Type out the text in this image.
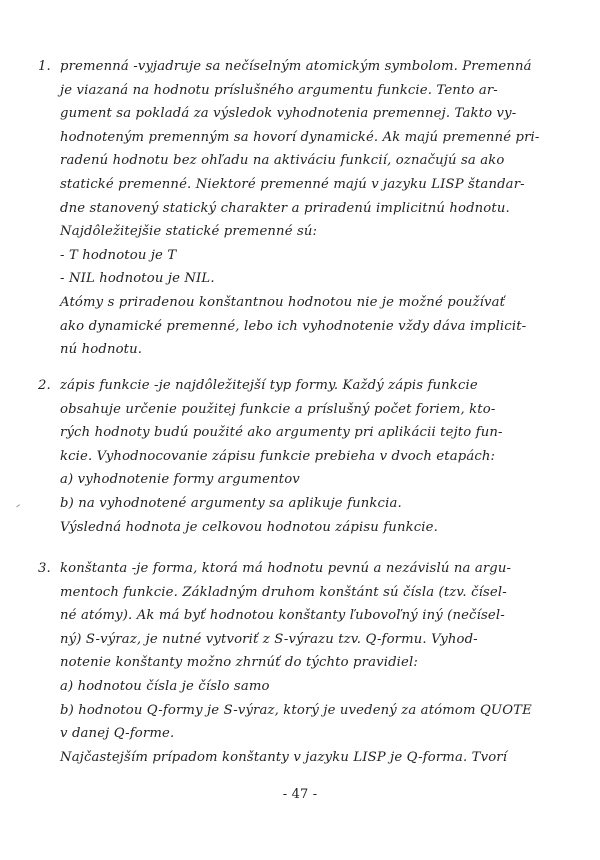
1. premenná -vyjadruje sa nečíselným atomickým symbolom. Premenná
je viazaná na hodnotu príslušného argumentu funkcie. Tento ar-
gument sa pokladá za výsledok vyhodnotenia premennej. Takto vy-
hodnoteným premenným sa hovorí dynamické. Ak majú premenné pri-
radenú hodnotu bez ohľadu na aktiváciu funkcií, označujú sa ako
statické premenné. Niektoré premenné majú v jazyku LISP štandar-
dne stanovený statický charakter a priradenú implicitnú hodnotu.
Najdôležitejšie statické premenné sú:
- T hodnotou je T
- NIL hodnotou je NIL.
Atómy s priradenou konštantnou hodnotou nie je možné používať
ako dynamické premenné, lebo ich vyhodnotenie vždy dáva implicit-
nú hodnotu.
2. zápis funkcie -je najdôležitejší typ formy. Každý zápis funkcie
obsahuje určenie použitej funkcie a príslušný počet foriem, kto-
rých hodnoty budú použité ako argumenty pri aplikácii tejto fun-
kcie. Vyhodnocovanie zápisu funkcie prebieha v dvoch etapách:
a) vyhodnotenie formy argumentov
b) na vyhodnotené argumenty sa aplikuje funkcia.
Výsledná hodnota je celkovou hodnotou zápisu funkcie.
3. konštanta -je forma, ktorá má hodnotu pevnú a nezávislú na argu-
mentoch funkcie. Základným druhom konštánt sú čísla (tzv. čísel-
né atómy). Ak má byť hodnotou konštanty ľubovoľný iný (nečísel-
ný) S-výraz, je nutné vytvoriť z S-výrazu tzv. Q-formu. Vyhod-
notenie konštanty možno zhrnúť do týchto pravidiel:
a) hodnotou čísla je číslo samo
b) hodnotou Q-formy je S-výraz, ktorý je uvedený za atómom QUOTE
v danej Q-forme.
Najčastejším prípadom konštanty v jazyku LISP je Q-forma. Tvorí
- 47 -
